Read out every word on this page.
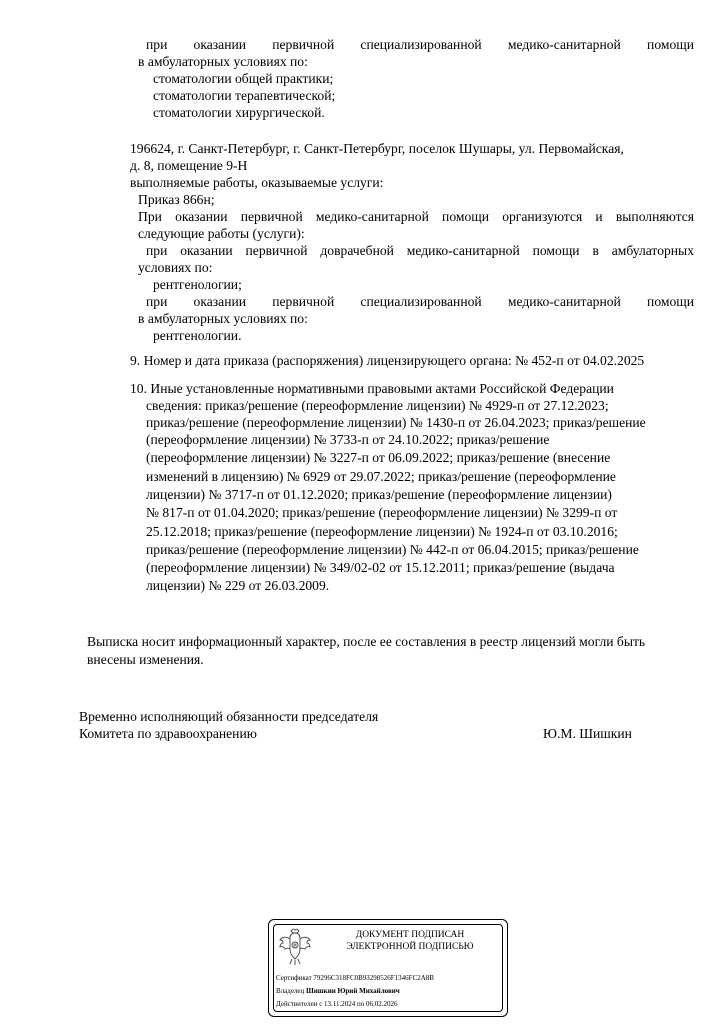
при оказании первичной специализированной медико-санитарной помощи
в амбулаторных условиях по:
стоматологии общей практики;
стоматологии терапевтической;
стоматологии хирургической.
196624, г. Санкт-Петербург, г. Санкт-Петербург, поселок Шушары, ул. Первомайская,
д. 8, помещение 9-Н
выполняемые работы, оказываемые услуги:
Приказ 866н;
При оказании первичной медико-санитарной помощи организуются и выполняются
следующие работы (услуги):
при оказании первичной доврачебной медико-санитарной помощи в амбулаторных
условиях по:
рентгенологии;
при оказании первичной специализированной медико-санитарной помощи
в амбулаторных условиях по:
рентгенологии.
9. Номер и дата приказа (распоряжения) лицензирующего органа: № 452-п от 04.02.2025
10. Иные установленные нормативными правовыми актами Российской Федерации
сведения: приказ/решение (переоформление лицензии) № 4929-п от 27.12.2023;
приказ/решение (переоформление лицензии) № 1430-п от 26.04.2023; приказ/решение
(переоформление лицензии) № 3733-п от 24.10.2022; приказ/решение
(переоформление лицензии) № 3227-п от 06.09.2022; приказ/решение (внесение
изменений в лицензию) № 6929 от 29.07.2022; приказ/решение (переоформление
лицензии) № 3717-п от 01.12.2020; приказ/решение (переоформление лицензии)
№ 817-п от 01.04.2020; приказ/решение (переоформление лицензии) № 3299-п от
25.12.2018; приказ/решение (переоформление лицензии) № 1924-п от 03.10.2016;
приказ/решение (переоформление лицензии) № 442-п от 06.04.2015; приказ/решение
(переоформление лицензии) № 349/02-02 от 15.12.2011; приказ/решение (выдача
лицензии) № 229 от 26.03.2009.
Выписка носит информационный характер, после ее составления в реестр лицензий могли быть
внесены изменения.
Временно исполняющий обязанности председателя
Комитета по здравоохранению	Ю.М. Шишкин
ДОКУМЕНТ ПОДПИСАН
ЭЛЕКТРОННОЙ ПОДПИСЬЮ
Сертификат 79296C318FC0B93298526F1346FC2A8B
Владелец Шишкин Юрий Михайлович
Действителен с 13.11.2024 по 06.02.2026
